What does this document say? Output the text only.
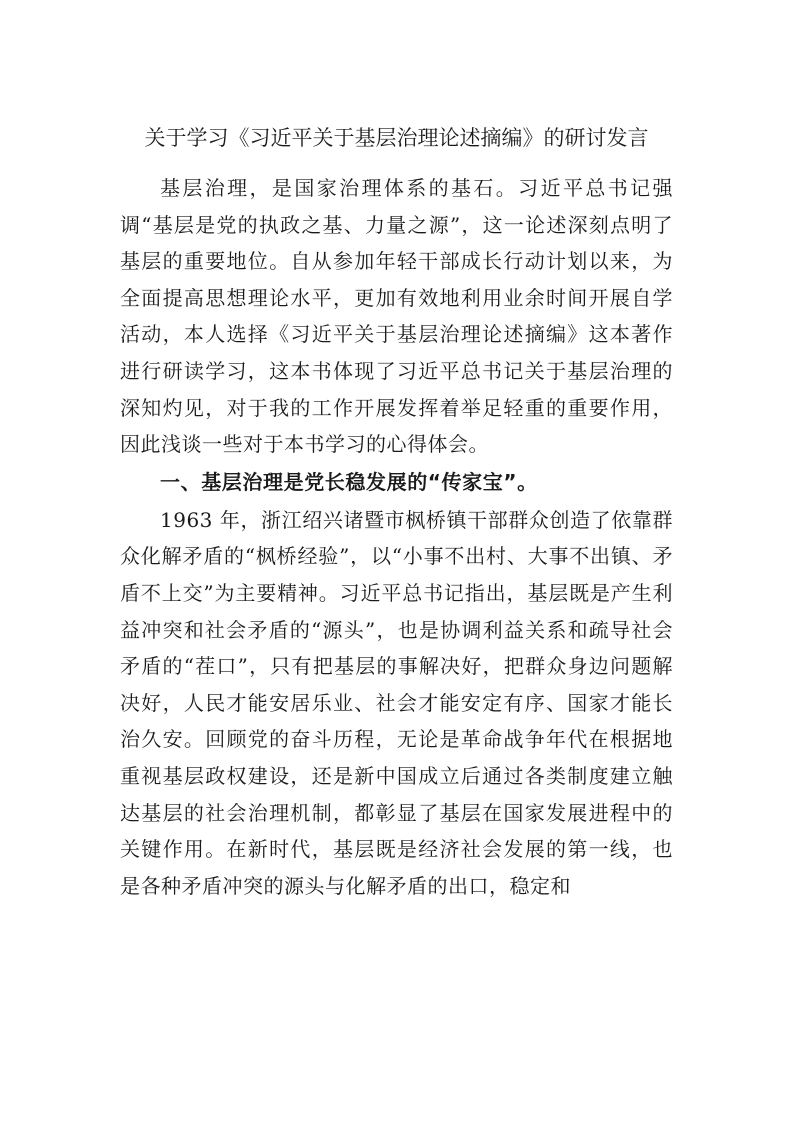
关于学习《习近平关于基层治理论述摘编》的研讨发言

基层治理，是国家治理体系的基石。习近平总书记强调“基层是党的执政之基、力量之源”，这一论述深刻点明了基层的重要地位。自从参加年轻干部成长行动计划以来，为全面提高思想理论水平，更加有效地利用业余时间开展自学活动，本人选择《习近平关于基层治理论述摘编》这本著作进行研读学习，这本书体现了习近平总书记关于基层治理的深知灼见，对于我的工作开展发挥着举足轻重的重要作用，因此浅谈一些对于本书学习的心得体会。

一、基层治理是党长稳发展的“传家宝”。

1963 年，浙江绍兴诸暨市枫桥镇干部群众创造了依靠群众化解矛盾的“枫桥经验”，以“小事不出村、大事不出镇、矛盾不上交”为主要精神。习近平总书记指出，基层既是产生利益冲突和社会矛盾的“源头”，也是协调利益关系和疏导社会矛盾的“茬口”，只有把基层的事解决好，把群众身边问题解决好，人民才能安居乐业、社会才能安定有序、国家才能长治久安。回顾党的奋斗历程，无论是革命战争年代在根据地重视基层政权建设，还是新中国成立后通过各类制度建立触达基层的社会治理机制，都彰显了基层在国家发展进程中的关键作用。在新时代，基层既是经济社会发展的第一线，也是各种矛盾冲突的源头与化解矛盾的出口，稳定和
